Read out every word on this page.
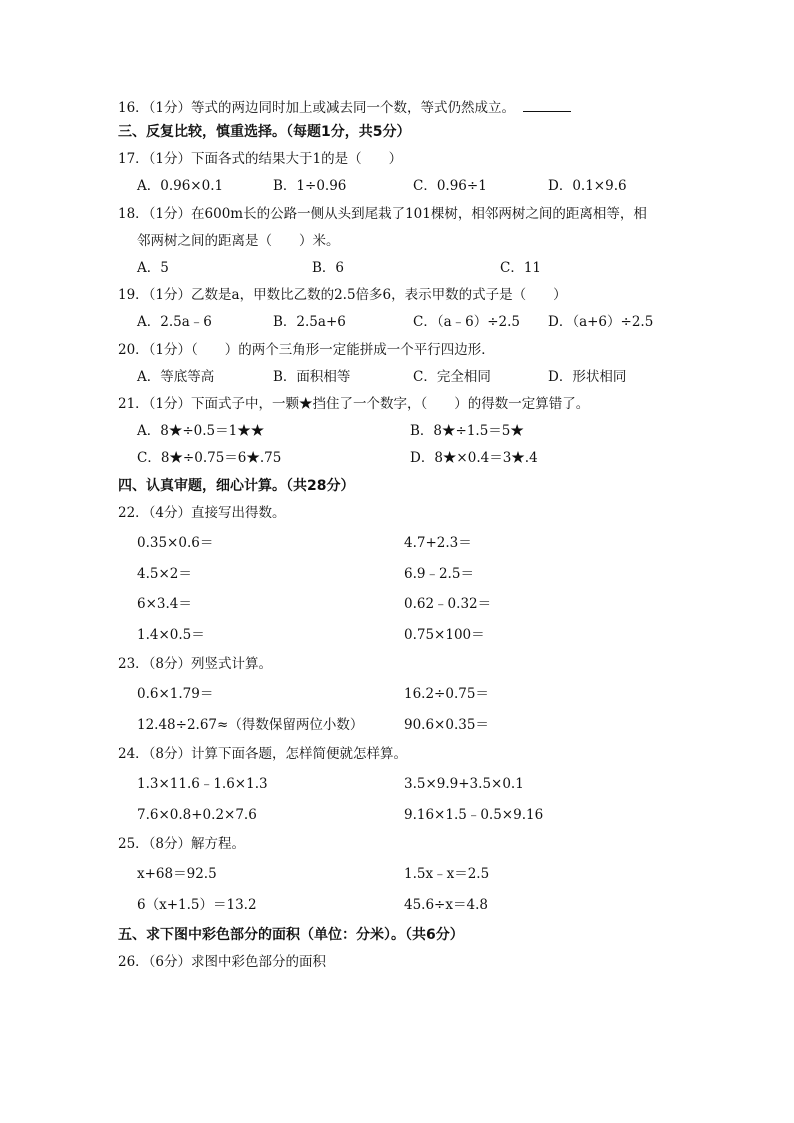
16．（1分）等式的两边同时加上或减去同一个数，等式仍然成立。
三、反复比较，慎重选择。（每题1分，共5分）
17．（1分）下面各式的结果大于1的是（　　）
A．0.96×0.1	B．1÷0.96	C．0.96÷1	D．0.1×9.6
18．（1分）在600m长的公路一侧从头到尾栽了101棵树，相邻两树之间的距离相等，相
邻两树之间的距离是（　　）米。
A．5	B．6	C．11
19．（1分）乙数是a，甲数比乙数的2.5倍多6，表示甲数的式子是（　　）
A．2.5a﹣6	B．2.5a+6	C．（a﹣6）÷2.5 D．（a+6）÷2.5
20．（1分）（　　）的两个三角形一定能拼成一个平行四边形．
A．等底等高	B．面积相等	C．完全相同	D．形状相同
21．（1分）下面式子中，一颗★挡住了一个数字，（　　）的得数一定算错了。
A．8★÷0.5＝1★★	B．8★÷1.5＝5★
C．8★÷0.75＝6★.75	D．8★×0.4＝3★.4
四、认真审题，细心计算。（共28分）
22．（4分）直接写出得数。
0.35×0.6＝	4.7+2.3＝
4.5×2＝	6.9﹣2.5＝
6×3.4＝	0.62﹣0.32＝
1.4×0.5＝	0.75×100＝
23．（8分）列竖式计算。
0.6×1.79＝	16.2÷0.75＝
12.48÷2.67≈（得数保留两位小数）	90.6×0.35＝
24．（8分）计算下面各题，怎样简便就怎样算。
1.3×11.6﹣1.6×1.3	3.5×9.9+3.5×0.1
7.6×0.8+0.2×7.6	9.16×1.5﹣0.5×9.16
25．（8分）解方程。
x+68＝92.5	1.5x﹣x＝2.5
6（x+1.5）＝13.2	45.6÷x＝4.8
五、求下图中彩色部分的面积（单位：分米）。（共6分）
26．（6分）求图中彩色部分的面积
